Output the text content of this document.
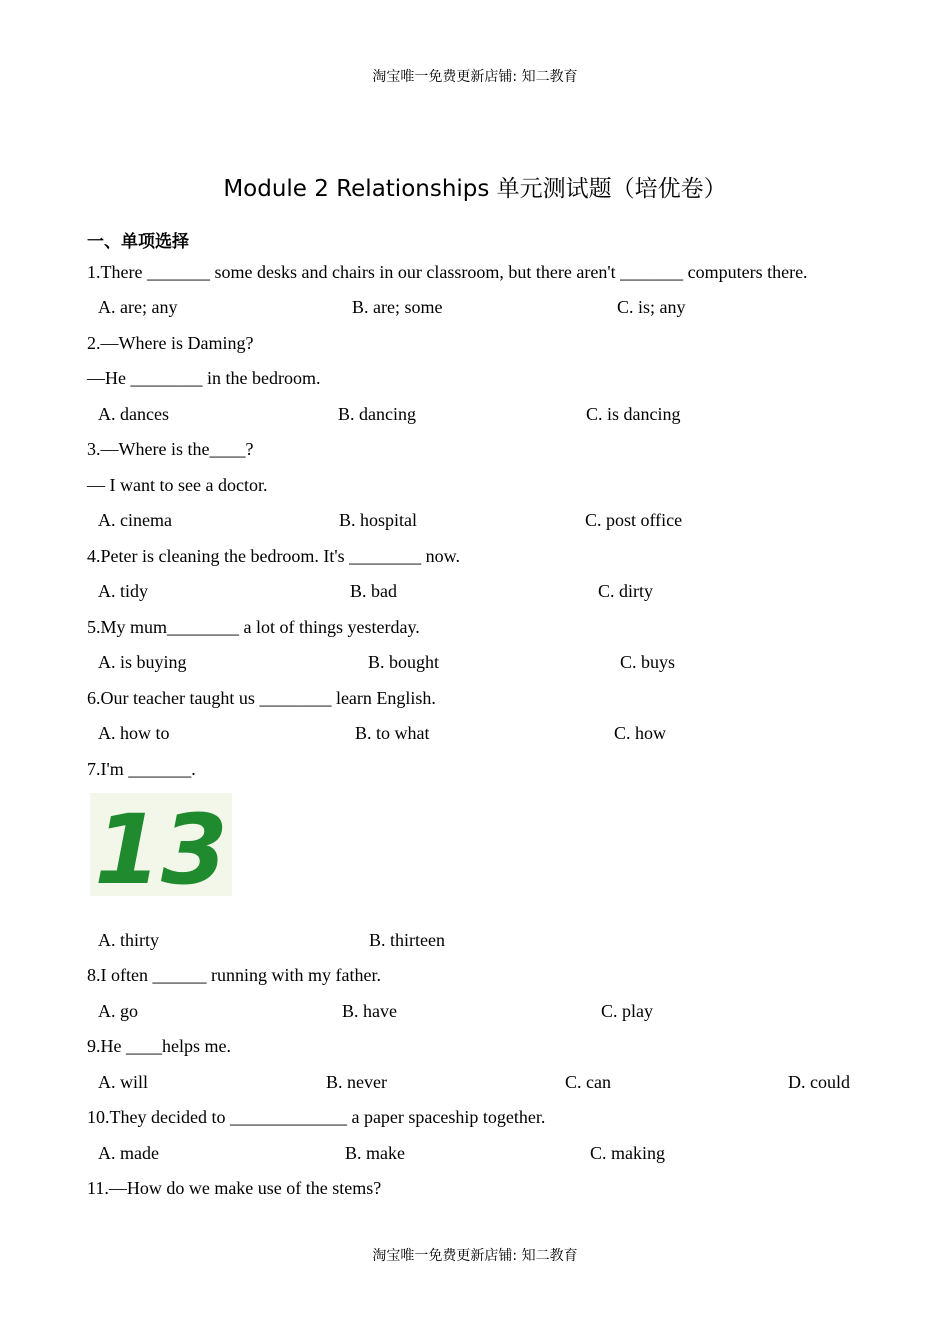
淘宝唯一免费更新店铺: 知二教育
Module 2 Relationships 单元测试题（培优卷）
一、单项选择
1.There _______ some desks and chairs in our classroom, but there aren't _______ computers there.
A. are; any	B. are; some	C. is; any
2.—Where is Daming?
—He ________ in the bedroom.
A. dances	B. dancing	C. is dancing
3.—Where is the____?
— I want to see a doctor.
A. cinema	B. hospital	C. post office
4.Peter is cleaning the bedroom. It's ________ now.
A. tidy	B. bad	C. dirty
5.My mum________ a lot of things yesterday.
A. is buying	B. bought	C. buys
6.Our teacher taught us ________ learn English.
A. how to	B. to what	C. how
7.I'm _______.
13
A. thirty	B. thirteen
8.I often ______ running with my father.
A. go	B. have	C. play
9.He ____helps me.
A. will	B. never	C. can	D. could
10.They decided to _____________ a paper spaceship together.
A. made	B. make	C. making
11.—How do we make use of the stems?
淘宝唯一免费更新店铺: 知二教育
